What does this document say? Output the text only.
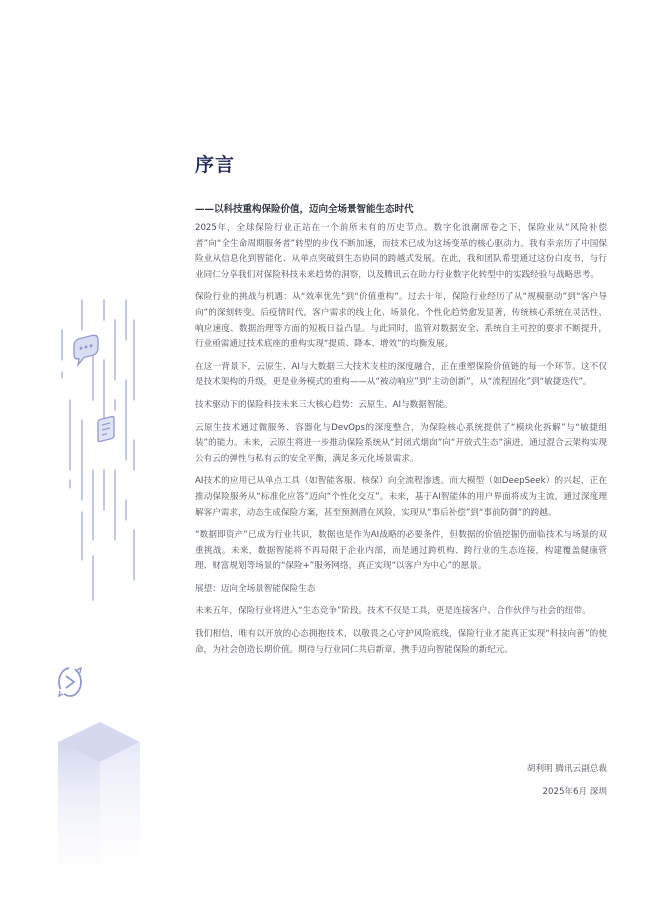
序言

——以科技重构保险价值，迈向全场景智能生态时代

2025年，全球保险行业正站在一个前所未有的历史节点。数字化浪潮席卷之下，保险业从“风险补偿者”向“全生命周期服务者”转型的步伐不断加速，而技术已成为这场变革的核心驱动力。我有幸亲历了中国保险业从信息化到智能化、从单点突破到生态协同的跨越式发展。在此，我和团队希望通过这份白皮书，与行业同仁分享我们对保险科技未来趋势的洞察，以及腾讯云在助力行业数字化转型中的实践经验与战略思考。

保险行业的挑战与机遇：从“效率优先”到“价值重构”。过去十年，保险行业经历了从“规模驱动”到“客户导向”的深刻转变。后疫情时代，客户需求的线上化、场景化、个性化趋势愈发显著，传统核心系统在灵活性、响应速度、数据治理等方面的短板日益凸显。与此同时，监管对数据安全、系统自主可控的要求不断提升，行业亟需通过技术底座的重构实现“提质、降本、增效”的均衡发展。

在这一背景下，云原生、AI与大数据三大技术支柱的深度融合，正在重塑保险价值链的每一个环节。这不仅是技术架构的升级，更是业务模式的重构——从“被动响应”到“主动创新”，从“流程固化”到“敏捷迭代”。

技术驱动下的保险科技未来三大核心趋势：云原生、AI与数据智能。

云原生技术通过微服务、容器化与DevOps的深度整合，为保险核心系统提供了“模块化拆解”与“敏捷组装”的能力。未来，云原生将进一步推动保险系统从“封闭式烟囱”向“开放式生态”演进，通过混合云架构实现公有云的弹性与私有云的安全平衡，满足多元化场景需求。

AI技术的应用已从单点工具（如智能客服、核保）向全流程渗透。而大模型（如DeepSeek）的兴起，正在推动保险服务从“标准化应答”迈向“个性化交互”。未来，基于AI智能体的用户界面将成为主流，通过深度理解客户需求，动态生成保险方案，甚至预测潜在风险，实现从“事后补偿”到“事前防御”的跨越。

“数据即资产”已成为行业共识，数据也是作为AI战略的必要条件，但数据的价值挖掘仍面临技术与场景的双重挑战。未来，数据智能将不再局限于企业内部，而是通过跨机构、跨行业的生态连接，构建覆盖健康管理、财富规划等场景的“保险+”服务网络，真正实现“以客户为中心”的愿景。

展望：迈向全场景智能保险生态

未来五年，保险行业将进入“生态竞争”阶段。技术不仅是工具，更是连接客户、合作伙伴与社会的纽带。

我们相信，唯有以开放的心态拥抱技术，以敬畏之心守护风险底线，保险行业才能真正实现“科技向善”的使命，为社会创造长期价值。期待与行业同仁共启新章，携手迈向智能保险的新纪元。

胡利明 腾讯云副总裁

2025年6月 深圳
